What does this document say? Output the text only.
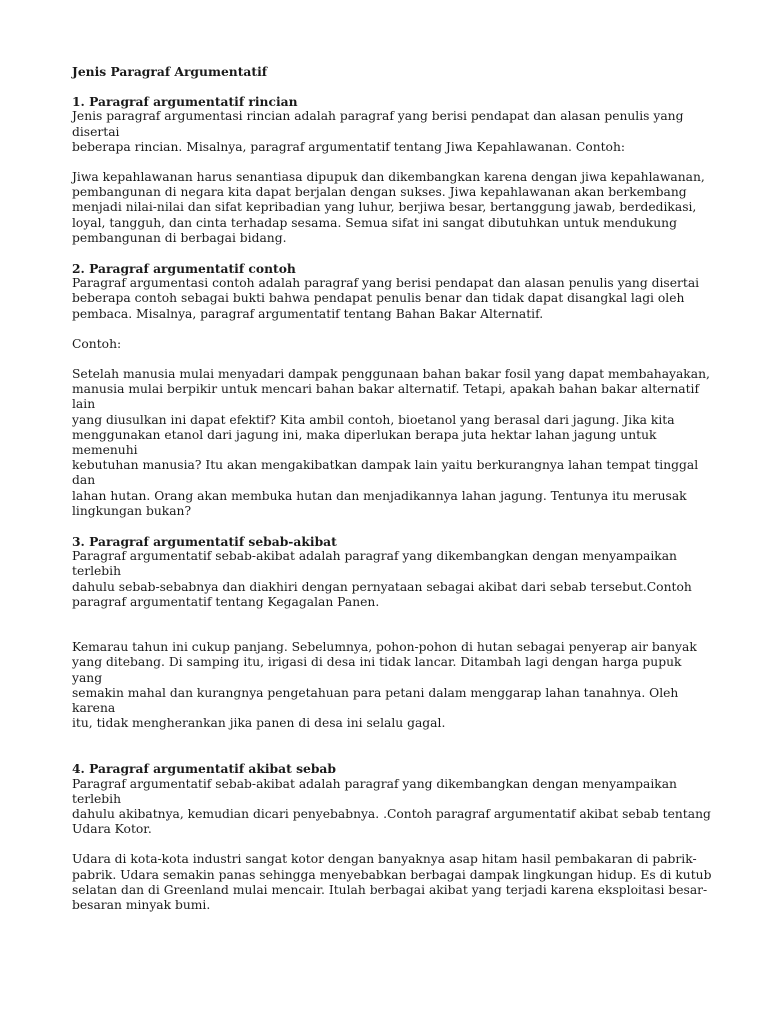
Jenis Paragraf Argumentatif

1. Paragraf argumentatif rincian

Jenis paragraf argumentasi rincian adalah paragraf yang berisi pendapat dan alasan penulis yang disertai
beberapa rincian. Misalnya, paragraf argumentatif tentang Jiwa Kepahlawanan. Contoh:

Jiwa kepahlawanan harus senantiasa dipupuk dan dikembangkan karena dengan jiwa kepahlawanan,
pembangunan di negara kita dapat berjalan dengan sukses. Jiwa kepahlawanan akan berkembang
menjadi nilai-nilai dan sifat kepribadian yang luhur, berjiwa besar, bertanggung jawab, berdedikasi,
loyal, tangguh, dan cinta terhadap sesama. Semua sifat ini sangat dibutuhkan untuk mendukung
pembangunan di berbagai bidang.

2. Paragraf argumentatif contoh

Paragraf argumentasi contoh adalah paragraf yang berisi pendapat dan alasan penulis yang disertai
beberapa contoh sebagai bukti bahwa pendapat penulis benar dan tidak dapat disangkal lagi oleh
pembaca. Misalnya, paragraf argumentatif tentang Bahan Bakar Alternatif.

Contoh:

Setelah manusia mulai menyadari dampak penggunaan bahan bakar fosil yang dapat membahayakan,
manusia mulai berpikir untuk mencari bahan bakar alternatif. Tetapi, apakah bahan bakar alternatif lain
yang diusulkan ini dapat efektif? Kita ambil contoh, bioetanol yang berasal dari jagung. Jika kita
menggunakan etanol dari jagung ini, maka diperlukan berapa juta hektar lahan jagung untuk memenuhi
kebutuhan manusia? Itu akan mengakibatkan dampak lain yaitu berkurangnya lahan tempat tinggal dan
lahan hutan. Orang akan membuka hutan dan menjadikannya lahan jagung. Tentunya itu merusak
lingkungan bukan?

3. Paragraf argumentatif sebab-akibat

Paragraf argumentatif sebab-akibat adalah paragraf yang dikembangkan dengan menyampaikan terlebih
dahulu sebab-sebabnya dan diakhiri dengan pernyataan sebagai akibat dari sebab tersebut.Contoh
paragraf argumentatif tentang Kegagalan Panen.

Kemarau tahun ini cukup panjang. Sebelumnya, pohon-pohon di hutan sebagai penyerap air banyak
yang ditebang. Di samping itu, irigasi di desa ini tidak lancar. Ditambah lagi dengan harga pupuk yang
semakin mahal dan kurangnya pengetahuan para petani dalam menggarap lahan tanahnya. Oleh karena
itu, tidak mengherankan jika panen di desa ini selalu gagal.

4. Paragraf argumentatif akibat sebab

Paragraf argumentatif sebab-akibat adalah paragraf yang dikembangkan dengan menyampaikan terlebih
dahulu akibatnya, kemudian dicari penyebabnya. .Contoh paragraf argumentatif akibat sebab tentang
Udara Kotor.

Udara di kota-kota industri sangat kotor dengan banyaknya asap hitam hasil pembakaran di pabrik-
pabrik. Udara semakin panas sehingga menyebabkan berbagai dampak lingkungan hidup. Es di kutub
selatan dan di Greenland mulai mencair. Itulah berbagai akibat yang terjadi karena eksploitasi besar-
besaran minyak bumi.
